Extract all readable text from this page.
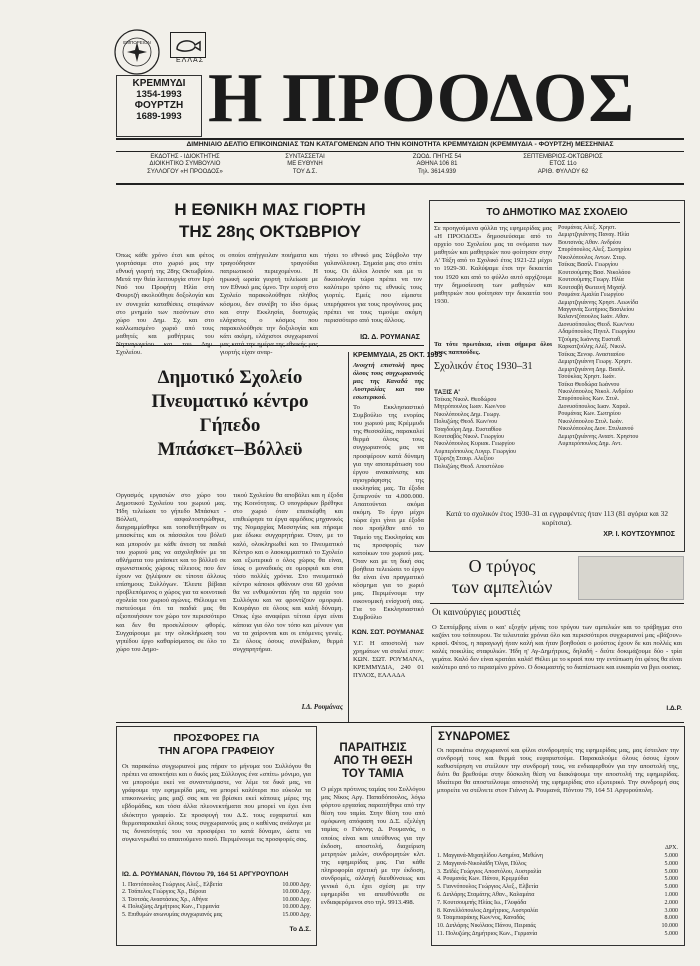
ΕΜΠΟΡΕΙΟΝ
ΕΛΛΑΣ
ΚΡΕΜΜΥΔΙ
1354-1993
ΦΟΥΡΤΖΗ
1689-1993 Η ΠΡΟΟΔΟΣ
ΔΙΜΗΝΙΑΙΟ ΔΕΛΤΙΟ ΕΠΙΚΟΙΝΩΝΙΑΣ ΤΩΝ ΚΑΤΑΓΟΜΕΝΩΝ ΑΠΟ ΤΗΝ ΚΟΙΝΟΤΗΤΑ ΚΡΕΜΜΥΔΙΩΝ (ΚΡΕΜΜΥΔΙΑ - ΦΟΥΡΤΖΗ) ΜΕΣΣΗΝΙΑΣ
ΕΚΔΟΤΗΣ - ΙΔΙΟΚΤΗΤΗΣ
ΔΙΟΙΚΗΤΙΚΟ ΣΥΜΒΟΥΛΙΟ
ΣΥΛΛΟΓΟΥ «Η ΠΡΟΟΔΟΣ»
ΣΥΝΤΑΣΣΕΤΑΙ
ΜΕ ΕΥΘΥΝΗ
ΤΟΥ Δ.Σ.
ΖΩΟΔ. ΠΗΓΗΣ 54
ΑΘΗΝΑ 106 81
Τηλ. 3614.939
ΣΕΠΤΕΜΒΡΙΟΣ-ΟΚΤΩΒΡΙΟΣ
ΕΤΟΣ 11ο
ΑΡΙΘ. ΦΥΛΛΟΥ 62
Η ΕΘΝΙΚΗ ΜΑΣ ΓΙΟΡΤΗ
ΤΗΣ 28ης ΟΚΤΩΒΡΙΟΥ
Όπως κάθε χρόνο έτσι και φέτος γιορτάσαμε στο χωριό μας την εθνική γιορτή της 28ης Οκτωβρίου. Μετά την θεία λειτουργία στον Ιερό Ναό του Προφήτη Ηλία στη Φουρτζή ακολούθησε δοξολογία και εν συνεχεία καταθέσεις στεφάνων στο μνημείο των πεσόντων στο χώρο του Δημ. Σχ. και στο καλλωπισμένο χωριό από τους μαθητές και μαθήτριες του Σχολείου.
οι οποίοι απήγγειλαν ποιήματα και τραγούδησαν τραγούδια πατριωτικού περιεχομένου. Η ηρωική ωραία γιορτή τελείωσε με τον Εθνικό μας ύμνο. Την εορτή στο Σχολείο παρακολούθησε πλήθος κόσμου, δεν συνέβη το ίδιο όμως και στην Εκκλησία, δυστυχώς ελάχιστος ο κόσμος που παρακολούθησε την δοξολογία και κάτι ακόμη, ελάχιστοι συγχωριανοί γιορτής είχαν αναρ-
τήσει το εθνικό μας Σύμβολο την γαλανόλευκη. Σημαία μας στο σπίτι τους. Οι άλλοι λοιπόν και με τι δικαιολογία τώρα πρέπει να τον καλύτερο τρόπο τις εθνικές τους γιορτές. Εμείς που είμαστε υπερήφανοι για τους προγόνους μας πρέπει να τους τιμούμε ακόμη περισσότερο από τους άλλους.
ΙΩ. Δ. ΡΟΥΜΑΝΑΣ
ΤΟ ΔΗΜΟΤΙΚΟ ΜΑΣ ΣΧΟΛΕΙΟ
Σε προηγούμενα φύλλα της εφημερίδας μας «Η ΠΡΟΟΔΟΣ» δημοσιεύσαμε από το αρχείο του Σχολείου μας τα ονόματα των μαθητών και μαθητριών που φοίτησαν στην Α' Τάξη από το Σχολικό έτος 1921-22 μέχρι το 1929-30. Καλύψαμε έτσι την δεκαετία του 1920 και από το φύλλο αυτό αρχίζουμε την δημοσίευση των μαθητών και μαθητριών που φοίτησαν την δεκαετία του 1930.
Τα τότε πρωτάκια, είναι σήμερα όλοι τους παππούδες.
Σχολικόν έτος 1930–31
ΤΑΞΙΣ Α'
Τσέκας Νικολ. Θεοδώρου
Μητρόπουλος Ιωαν. Κων/νου
Νικολόπουλος Δημ. Γεωργ.
Πολυζώης Θεοδ. Κων/νου
Τσαγδούρη Δημ. Ευσταθίου
Κουτσαβός Νικολ. Γεωργίου
Νικολόπουλος Κυριακ. Γεωργίου
Λυμπερόπουλος Λυγερ. Γεωργίου
Τζώρτζη Σταυρ. Αλεξίου
Πολυζώης Θεοδ. Αποστόλου
Ρουμάνας Αλεξ. Χρηστ.
Δεμιρτζιγιάννης Παναγ. Ηλία
Βουτσινάς Αθαν. Ανδρέου
Σπυρόπουλος Αλεξ. Σωτηρίου
Νικολόπουλος Αντων. Στεφ.
Τσέκας Βασίλ. Γεωργίου
Κουτσούμπης Βασ. Νικολάου
Κουτσούμπης Γεωργ. Ηλία
Κουτσαβή Φωτεινή Μιχαήλ
Ρουμάνα Αμαλία Γεωργίου
Δεμιρτζιγιάννης Χρηστ. Λεωνίδα
Μαγγανάς Σωτήριος Βασιλείου
Καλαντζόπουλος Ιωάν. Αθαν.
Διονυσόπουλος Θεοδ. Κων/νου
Αδαμόπουλος Πηνελ. Γεωργίου
Τζούμης Ιωάννης Ευσταθ.
Καρκατζούλης Αλέξ. Νικολ.
Τσέκας Ξενοφ. Αναστασίου
Δεμιρτζιγιάννη Γεωργ. Χρηστ.
Δεμιρτζιγιάννη Δημ. Βασίλ.
Τσούκλας Χρηστ. Ιωάν.
Τσέκα Θεοδώρα Ιωάννου
Νικολόπουλος Νικολ. Ανδρέου
Σπυρόπουλος Κων. Στυλ.
Διονυσόπουλος Ιωαν. Χαραλ.
Ρουμάνας Κων. Σωτηρίου
Νικολόπουλου Στυλ. Ιωάν.
Νικολόπουλος Διον. Στυλιανού
Δεμιρτζιγιάννης Αναστ. Χρηστου
Λυμπερόπουλος Δημ. Αντ.
Κατά το σχολικόν έτος 1930–31 αι εγγραφέντες ήταν 113 (81 αγόρια και 32 κορίτσια).
ΧΡ. Ι. ΚΟΥΤΣΟΥΜΠΟΣ
Δημοτικό Σχολείο
Πνευματικό κέντρο
Γήπεδο
Μπάσκετ–Βόλλεϋ
Οργασμός εργασιών στο χώρο του Δημοτικού Σχολείου του χωριού μας. Ήδη τελείωσε το γήπεδο Μπάσκετ - Βόλλεϋ, ασφαλτοστρώθηκε, διαγραμμίσθηκε και τοποθετήθηκαν οι μπασκέτες και οι πάσσαλοι του βόλεϋ και μπορούν με κάθε άνεση τα παιδιά του χωριού μας να ασχοληθούν με τα αθλήματα του μπάσκετ και το βόλλεϋ σε αγωνιστικούς χώρους τέλειους που δεν έχουν να ζηλέψουν σε τίποτα άλλους επίσημους Συλλόγων. Έλειπε βέβαια προβλεπόμενος ο χώρος για τα κοινοτικά σχολεία του χωριού αγώνες. Θέλουμε να πιστεύουμε ότι τα παιδιά μας θα αξιοποιήσουν τον χώρο τον περισσότερο και δεν θα προσελέσουν φθορές. Συγχαίρουμε με την ολοκλήρωση του γηπέδου έργο καθαρίσματος σε όλο το χώρο του Δημο-
τικού Σχολείου θα αποβάλει και η έξοδα της Κοινότητας. Ο υπογράφων βρέθηκε στο χωριό όταν επεσκέφθη και επιθεώρησε τα έργα αρμόδιος μηχανικός της Νομαρχίας Μεσσηνίας και πήραμε μια έδωκε συγχαρητήρια. Όταν, με το καλό, ολοκληρωθεί και το Πνευματικό Κέντρο και ο λαοκομμαστικό το Σχολείο και εξωτερικά ο όλος χώρος θα είναι, ίσως ο μοναδικός σε ομορφιά και στα τόσο πολλές χρόνια. Στο πνευματικό κέντρο κάποιοι φθάνουν στα 60 χρόνια θα να ενθυμούνται ήδη τα αρχεία του Συλλόγου και να φροντίζουν ομορφιά. Κουράγιο σε όλους και καλή δύναμη. Όπως έχω αναφέρει τέτοια έργα είναι κάποια για όλο τον τόπο και μένουν για να τα χαίρονται και οι επόμενες γενιές. Σε όλους όσους συνέβαλαν, θερμά συγχαρητήρια.
Ι.Δ. Ρουμάνας
ΚΡΕΜΜΥΔΙΑ, 25 ΟΚΤ. 1993
Ανοιχτή επιστολή προς όλους τους συγχωριανούς μας της Καναδά της Αυστραλίας και του εσωτερικού.
Το Εκκλησιαστικό Συμβούλιο της ενορίας του χωριού μας Κρέμμυδι της Θεσσαλίας, παρακαλεί θερμά όλους τους συγχωριανούς μας να προσφέρουν κατά δύναμη για την αποπεράτωση του έργου ανακαίνισης και αγιογράφησης της εκκλησίας μας. Τα έξοδα ξεπερνούν τα 4.000.000. Απαιτούνται ακόμα ακόμη. Το έργο μέχρι τώρα έχει γίνει με έξοδα που προήλθαν από το Ταμείο της Εκκλησίας και τις προσφορές των κατοίκων του χωριού μας. Όταν και με τη δική σας βοήθεια τελειώσει το έργο θα είναι ένα πραγματικό κόσμημα για το χωριό μας. Περιμένουμε την οικονομική ενίσχυσή σας. Για το Εκκλησιαστικό Συμβούλιο
ΚΩΝ. ΣΩΤ. ΡΟΥΜΑΝΑΣ
Υ.Γ. Η αποστολή των χρημάτων να σταλεί στον: ΚΩΝ. ΣΩΤ. ΡΟΥΜΑΝΑ, ΚΡΕΜΜΥΔΙΑ, 240 01 ΠΥΛΟΣ, ΕΛΛΑΔΑ
Ο τρύγος
των αμπελιών
Οι καινούργιες μουστιές
Ο Σεπτέμβρης είναι ο και' εξοχήν μήνας του τρύγου των αμπελιών και το τράβηγμα στο καζάνι του τσίπουρου. Τα τελευταία χρόνια όλο και περισσότεροι συγχωριανοί μας «βάζουν» κρασί. Φέτος, η παραγωγή ήταν καλή και ήταν βοηθούσε ο μούστος έχουν δε και πολλές και καλές ποικιλίες σταφυλιών. Ήδη η' Αγ-Δημήτριος, δηλαδή - δεύτε δοκιμάζουμε δύο - τρία γεμάτα. Καλό δεν είναι κρατάει καλά! Θέλει με το κρασί που την εντύπωση ότι φέτος θα είναι καλύτερο από το περασμένο χρόνο. Ο δοκιμαστής το διαπίστωσε και ευκαιρία να βγει ουσιας.
Ι.Δ.Ρ.
ΠΡΟΣΦΟΡΕΣ ΓΙΑ
ΤΗΝ ΑΓΟΡΑ ΓΡΑΦΕΙΟΥ
Οι παρακάτω συγχωριανοί μας πήραν το μήνυμα του Συλλόγου θα πρέπει να αποκτήσει και ο δικός μας Σύλλογος ένα «σπίτι» μόνιμο, για να μπορούμε εκεί να συναντιόμαστε, να λέμε τα δικά μας, να γράφουμε την εφημερίδα μας, να μπορεί καλύτερα πιο εύκολα τα επικοινωνίες μας μαζί σας και να βρίσκει εκεί κάποιες μέρες της εβδομάδας, και τόσα άλλα πλεονεκτήματα που μπορεί να έχει ένα ιδιόκτητο γραφείο. Σε προσφυγή του Δ.Σ. τους ευχαριστεί και θερμοπαρακαλεί όλους τους συγχωριανούς μας ο καθένας ανάλογα με τις δυνατότητές του να προσφέρει το κατά δύναμιν, ώστε να συγκεντρωθεί το απαιτούμενο ποσό. Περιμένουμε τις προσφορές σας.
ΙΩ. Δ. ΡΟΥΜΑΝΑΝ, Πόντου 79, 164 51 ΑΡΓΥΡΟΥΠΟΛΗ
1. Παντόπουλος Γεώργιος Αλεξ., Ελβετία	10.000 Δρχ.
2. Τσάπελος Γεώργιος Χρ., Βέροια	10.000 Δρχ.
3. Τσοτσάς Αναστάσιος Χρ., Αθήνα	10.000 Δρχ.
4. Πολυζώης Δημήτριος Κων., Γερμανία	10.000 Δρχ.
5. Επιθυμών ανωνυμίας συγχωριανός μας	15.000 Δρχ.
Το Δ.Σ.
ΠΑΡΑΙΤΗΣΙΣ
ΑΠΟ ΤΗ ΘΕΣΗ
ΤΟΥ ΤΑΜΙΑ
Ο μέχρι πρότινος ταμίας του Συλλόγου μας Νίκος Αργ. Παπαδόπουλος, λόγω φόρτου εργασίας παραιτήθηκε από την θέση του ταμία. Στην θέση του από ομόφωνη απόφαση του Δ.Σ. εξελέγη ταμίας ο Γιάννης Δ. Ρουμανάς, ο οποίος είναι και υπεύθυνος για την έκδοση, αποστολή, διαχείριση μετρητών μελών, συνδρομητών κλπ. της εφημερίδας μας. Για κάθε πληροφορία σχετική με την έκδοση, συνδρομές, αλλαγή διευθύνσεως και γενικά ό,τι έχει σχέση με την εφημερίδα να απευθύνεσθε σε ενδιαφερόμενοι στο τηλ. 9913.498.
ΣΥΝΔΡΟΜΕΣ
Οι παρακάτω συγχωριανοί και φίλοι συνδρομητές της εφημερίδας μας, μας έστειλαν την συνδρομή τους και θερμά τους ευχαριστούμε. Παρακαλούμε όλους όσους έχουν καθυστέρηση να στείλουν την συνδρομή τους, να ενδιαφερθούν για την αποστολή της, διότι θα βρεθούμε στην δύσκολη θέση να διακόψουμε την αποστολή της εφημερίδας. Ιδιαίτερα θα αποστείλουμε αποστολή της εφημερίδας στο εξωτερικό. Την συνδρομή σας μπορείτε να στέλνετε στον Γιάννη Δ. Ρουμανά, Πόντου 79, 164 51 Αργυρούπολη.
ΔΡΧ.
1. Μαγγανά-Μιχαηλίδου Ασημίνα, Μεθώνη	5.000
2. Μαγγανά-Νικολαΐδη Όλγα, Πύλος	5.000
3. Ξεϊδές Γεώργιος Αποστόλου, Αυστραλία	5.000
4. Ρουμανάς Κων. Πάνου, Κρεμμύδια	5.000
5. Γιαννόπουλος Γεώργιος Αλεξ., Ελβετία	5.000
6. Διπλάρης Σταμάτης Αθαν., Καλαμάτα	1.000
7. Κουτσουμπής Ηλίας Ιω., Γλυφάδα	2.000
8. Κανελλόπουλος Δημήτριος, Αυστραλία	3.000
9. Τσαμπιαράκης Κων/νος, Καναδάς	8.000
10. Διπλάρης Νικόλαος Πάνου, Πειραιάς	10.000
11. Πολυζώης Δημήτριος Κων., Γερμανία	5.000
